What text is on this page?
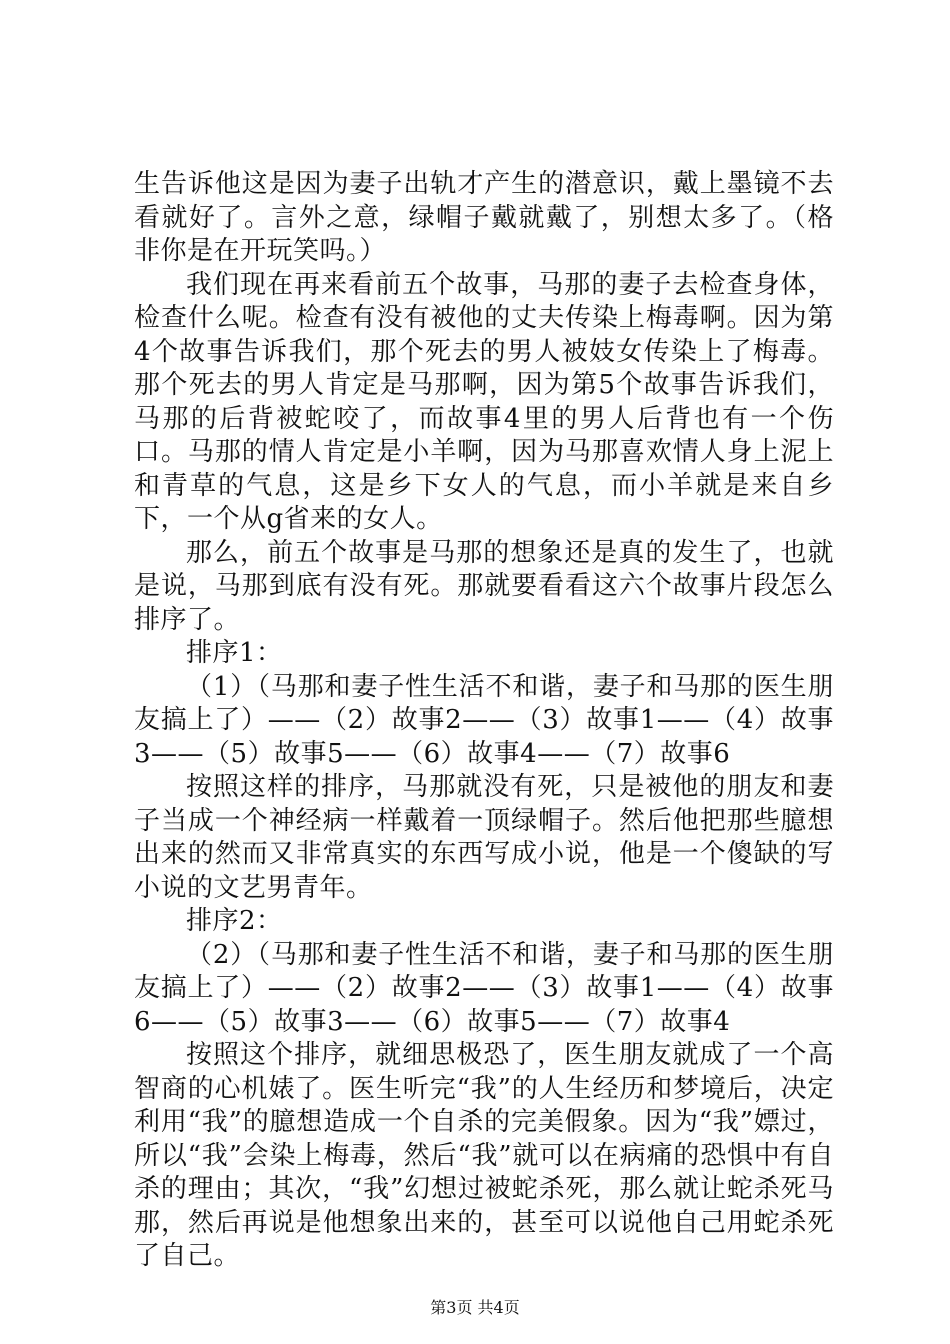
生告诉他这是因为妻子出轨才产生的潜意识，戴上墨镜不去看就好了。言外之意，绿帽子戴就戴了，别想太多了。（格非你是在开玩笑吗。）

我们现在再来看前五个故事，马那的妻子去检查身体，检查什么呢。检查有没有被他的丈夫传染上梅毒啊。因为第4个故事告诉我们，那个死去的男人被妓女传染上了梅毒。那个死去的男人肯定是马那啊，因为第5个故事告诉我们，马那的后背被蛇咬了，而故事4里的男人后背也有一个伤口。马那的情人肯定是小羊啊，因为马那喜欢情人身上泥上和青草的气息，这是乡下女人的气息，而小羊就是来自乡下，一个从g省来的女人。

那么，前五个故事是马那的想象还是真的发生了，也就是说，马那到底有没有死。那就要看看这六个故事片段怎么排序了。

排序1：

（1）（马那和妻子性生活不和谐，妻子和马那的医生朋友搞上了）——（2）故事2——（3）故事1——（4）故事3——（5）故事5——（6）故事4——（7）故事6

按照这样的排序，马那就没有死，只是被他的朋友和妻子当成一个神经病一样戴着一顶绿帽子。然后他把那些臆想出来的然而又非常真实的东西写成小说，他是一个傻缺的写小说的文艺男青年。

排序2：

（2）（马那和妻子性生活不和谐，妻子和马那的医生朋友搞上了）——（2）故事2——（3）故事1——（4）故事6——（5）故事3——（6）故事5——（7）故事4

按照这个排序，就细思极恐了，医生朋友就成了一个高智商的心机婊了。医生听完“我”的人生经历和梦境后，决定利用“我”的臆想造成一个自杀的完美假象。因为“我”嫖过，所以“我”会染上梅毒，然后“我”就可以在病痛的恐惧中有自杀的理由；其次，“我”幻想过被蛇杀死，那么就让蛇杀死马那，然后再说是他想象出来的，甚至可以说他自己用蛇杀死了自己。

第3页 共4页
